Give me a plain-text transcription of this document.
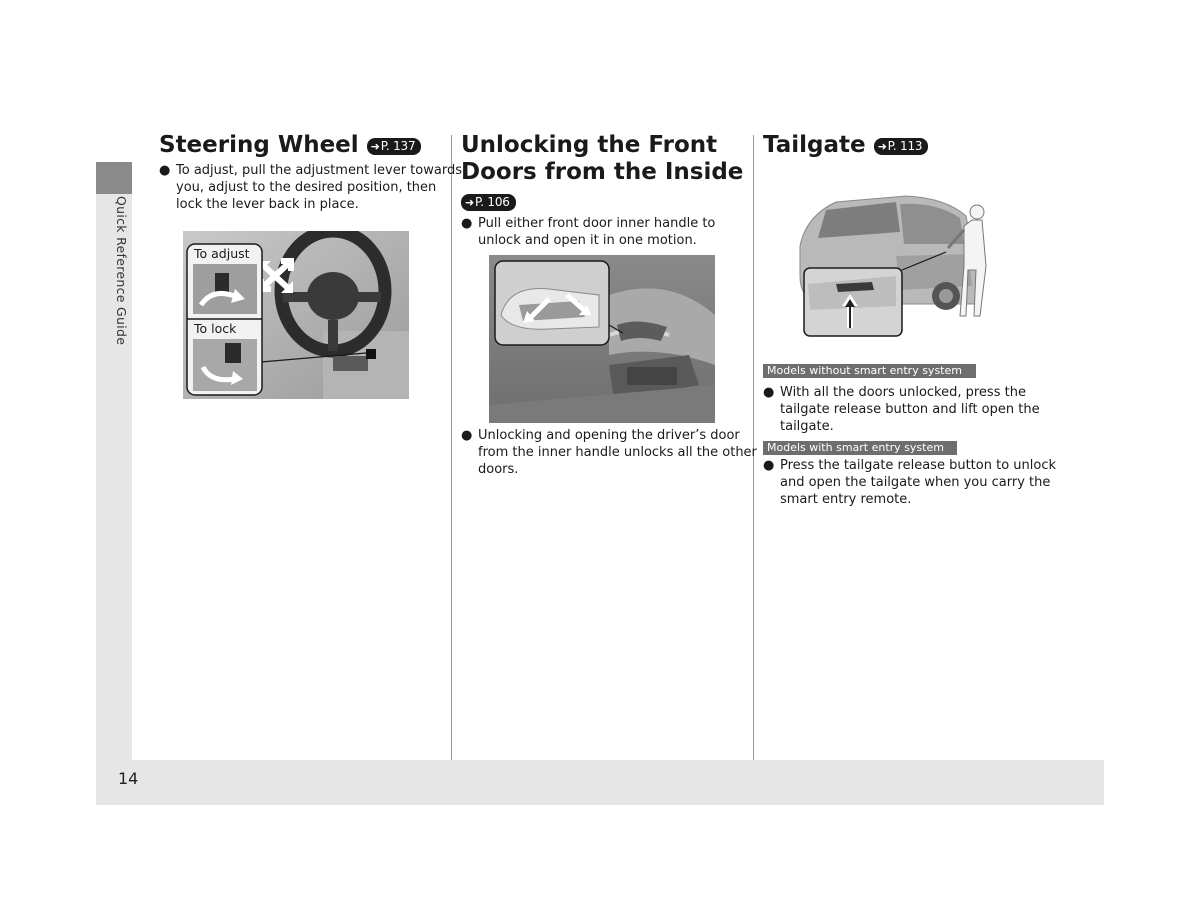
Quick Reference Guide
14
Steering Wheel ➜P. 137
● To adjust, pull the adjustment lever towards you, adjust to the desired position, then lock the lever back in place.
To adjust
To lock
Unlocking the Front
Doors from the Inside
➜P. 106
● Pull either front door inner handle to unlock and open it in one motion.
● Unlocking and opening the driver’s door from the inner handle unlocks all the other doors.
Tailgate ➜P. 113
Models without smart entry system
● With all the doors unlocked, press the tailgate release button and lift open the tailgate.
Models with smart entry system
● Press the tailgate release button to unlock and open the tailgate when you carry the smart entry remote.
